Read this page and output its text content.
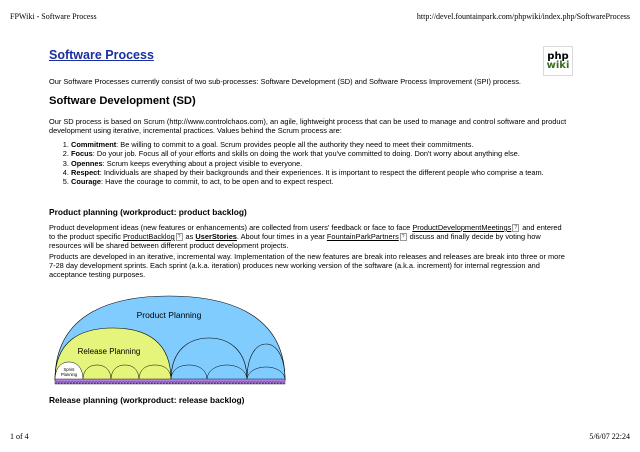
FPWiki - Software Process	http://devel.fountainpark.com/phpwiki/index.php/SoftwareProcess
Software Process	php
wiki

Our Software Processes currently consist of two sub-processes: Software Development (SD) and Software Process Improvement (SPI) process.

Software Development (SD)

Our SD process is based on Scrum (http://www.controlchaos.com), an agile, lightweight process that can be used to manage and control software and product development using iterative, incremental practices. Values behind the Scrum process are:

1. Commitment: Be willing to commit to a goal. Scrum provides people all the authority they need to meet their commitments.
2. Focus: Do your job. Focus all of your efforts and skills on doing the work that you've committed to doing. Don't worry about anything else.
3. Opennes: Scrum keeps everything about a project visible to everyone.
4. Respect: Individuals are shaped by their backgrounds and their experiences. It is important to respect the different people who comprise a team.
5. Courage: Have the courage to commit, to act, to be open and to expect respect.
Product planning (workproduct: product backlog)

Product development ideas (new features or enhancements) are collected from users' feedback or face to face ProductDevelopmentMeetings ? and entered to the product specific ProductBacklog ? as UserStories. About four times in a year FountainParkPartners ? discuss and finally decide by voting how resources will be shared between different product development projects.

Products are developed in an iterative, incremental way. Implementation of the new features are break into releases and releases are break into three or more 7-28 day development sprints. Each sprint (a.k.a. iteration) produces new working version of the software (a.k.a. increment) for internal regression and acceptance testing purposes.

Product Planning
Release Planning
Sprint
Planning
Release planning (workproduct: release backlog)
1 of 4	5/6/07 22:24
